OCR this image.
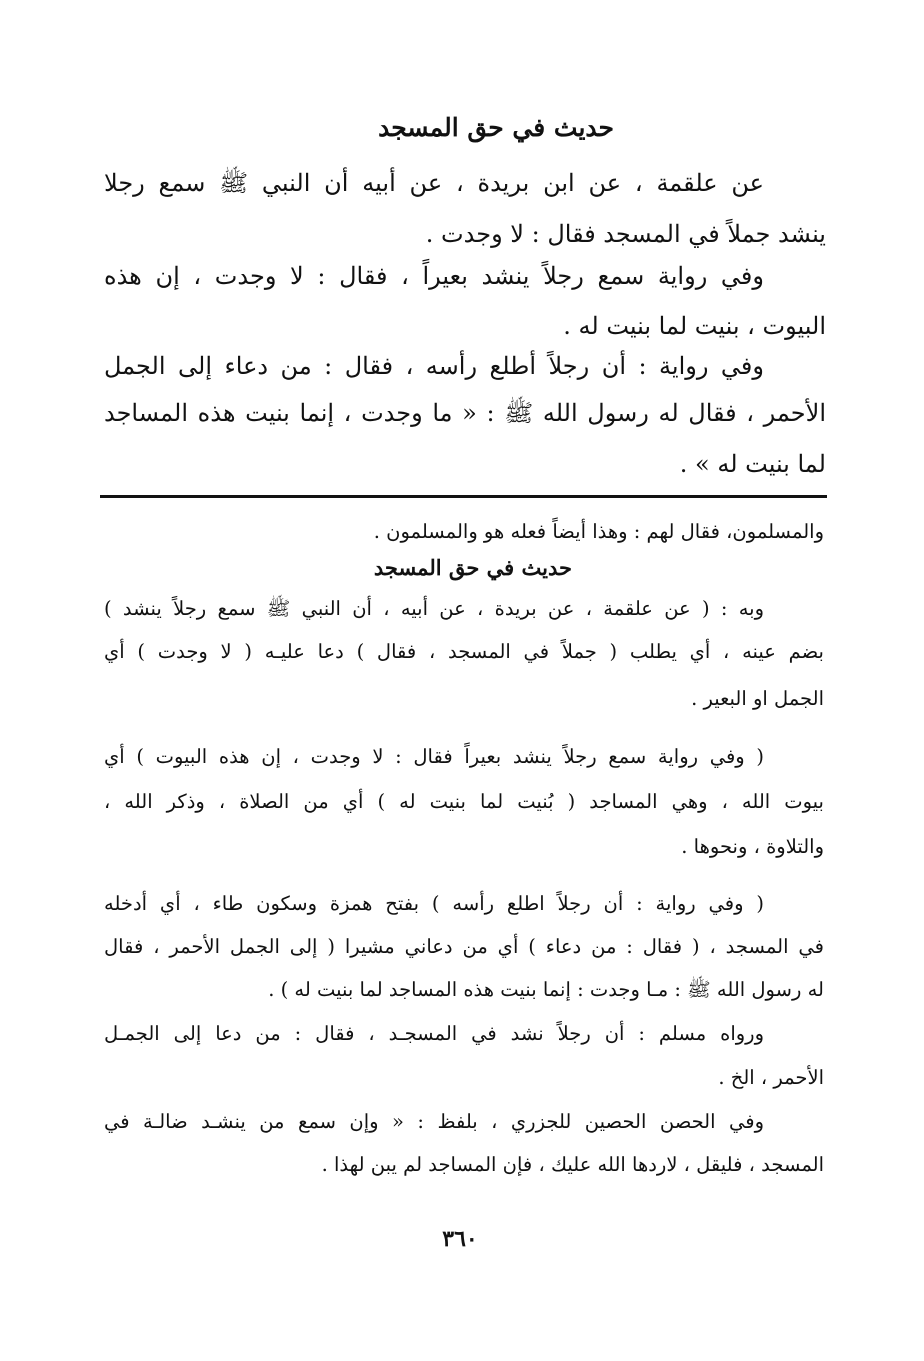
حديث في حق المسجد
عن علقمة ، عن ابن بريدة ، عن أبيه أن النبي ﷺ سمع رجلا
ينشد جملاً في المسجد فقال : لا وجدت .
وفي رواية سمع رجلاً ينشد بعيراً ، فقال : لا وجدت ، إن هذه
البيوت ، بنيت لما بنيت له .
وفي رواية : أن رجلاً أطلع رأسه ، فقال : من دعاء إلى الجمل
الأحمر ، فقال له رسول الله ﷺ : « ما وجدت ، إنما بنيت هذه المساجد
لما بنيت له » .
والمسلمون، فقال لهم : وهذا أيضاً فعله هو والمسلمون .
حديث في حق المسجد
وبه : ( عن علقمة ، عن بريدة ، عن أبيه ، أن النبي ﷺ سمع رجلاً ينشد )
بضم عينه ، أي يطلب ( جملاً في المسجد ، فقال ) دعا عليـه ( لا وجدت ) أي
الجمل او البعير .
( وفي رواية سمع رجلاً ينشد بعيراً فقال : لا وجدت ، إن هذه البيوت ) أي
بيوت الله ، وهي المساجد ( بُنيت لما بنيت له ) أي من الصلاة ، وذكر الله ،
والتلاوة ، ونحوها .
( وفي رواية : أن رجلاً اطلع رأسه ) بفتح همزة وسكون طاء ، أي أدخله
في المسجد ، ( فقال : من دعاء ) أي من دعاني مشيرا ( إلى الجمل الأحمر ، فقال
له رسول الله ﷺ : مـا وجدت : إنما بنيت هذه المساجد لما بنيت له ) .
ورواه مسلم : أن رجلاً نشد في المسجـد ، فقال : من دعا إلى الجمـل
الأحمر ، الخ .
وفي الحصن الحصين للجزري ، بلفظ : « وإن سمع من ينشـد ضالـة في
المسجد ، فليقل ، لاردها الله عليك ، فإن المساجد لم يبن لهذا .
٣٦٠
